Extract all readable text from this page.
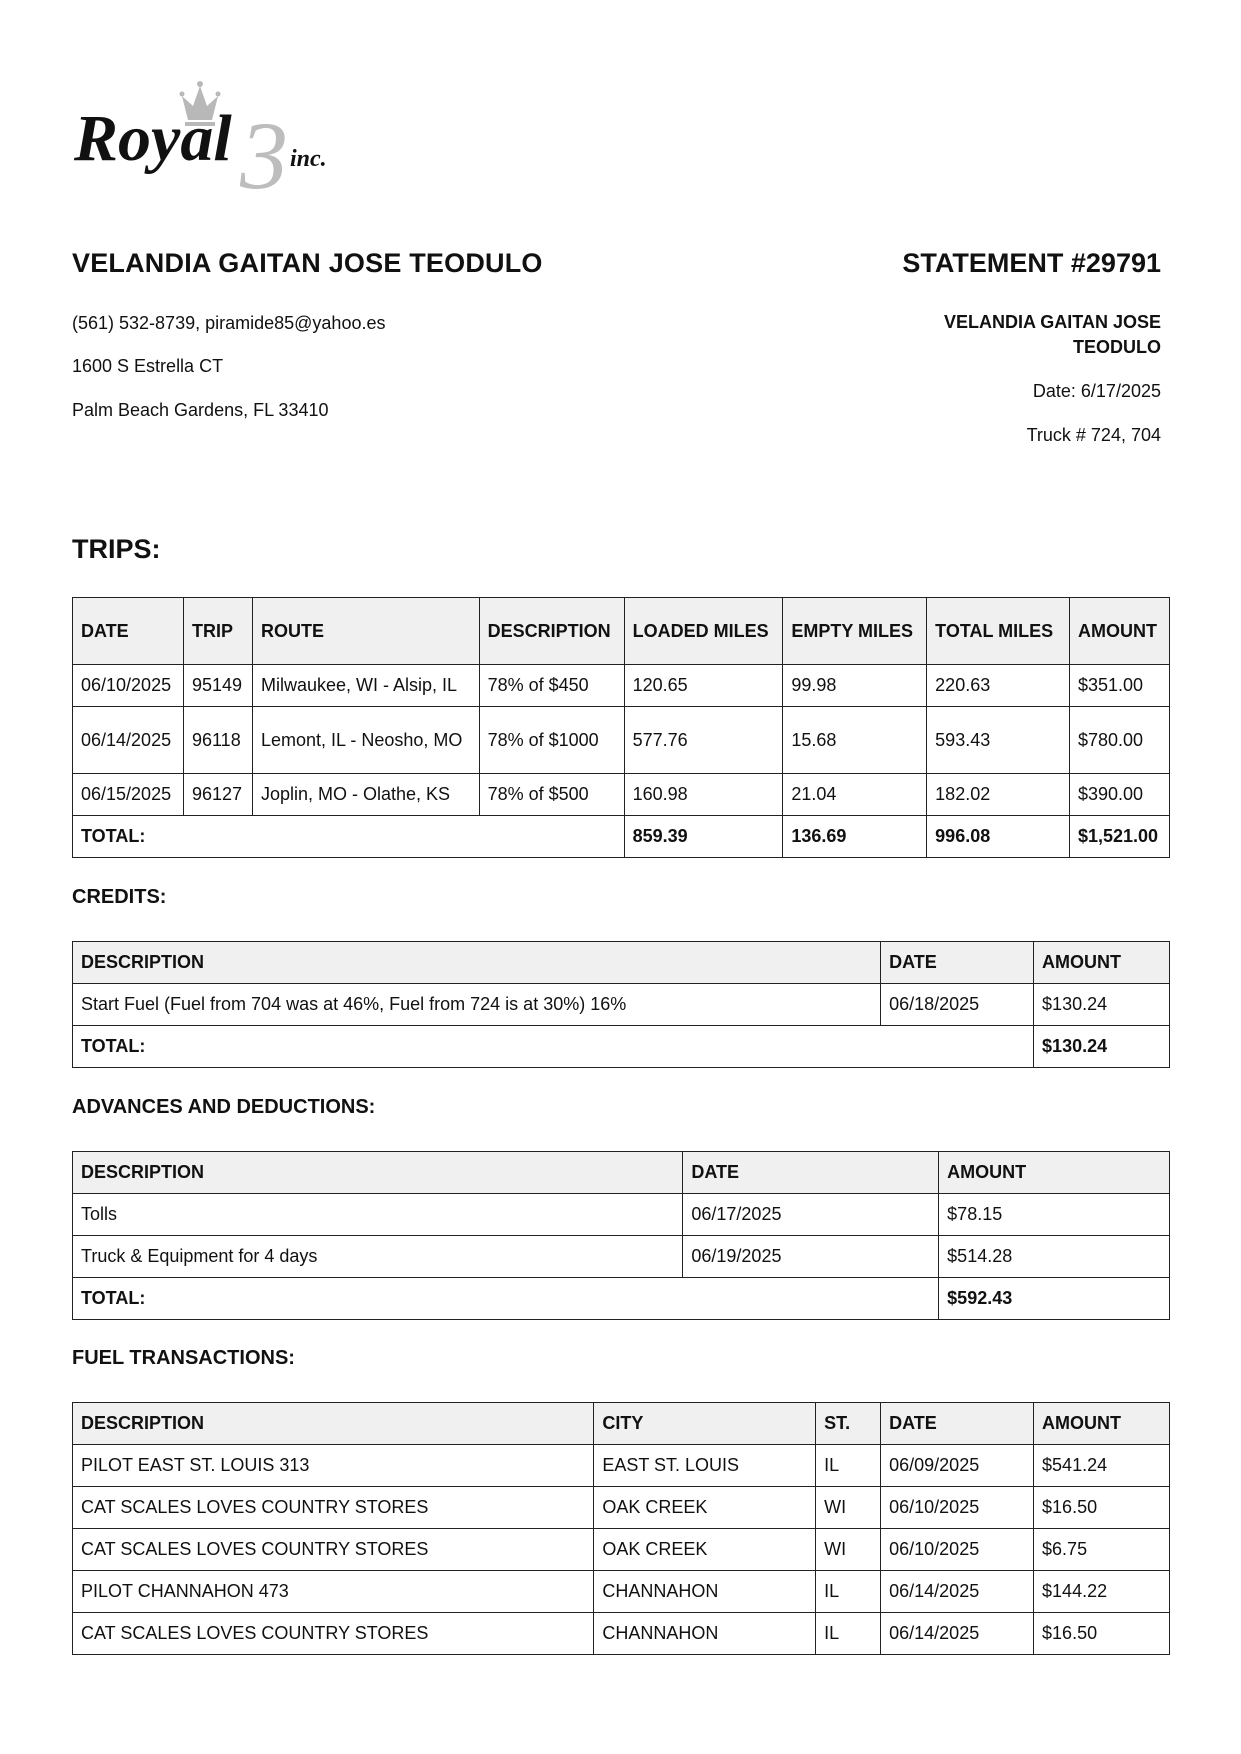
3
Royal inc.
VELANDIA GAITAN JOSE TEODULO	STATEMENT #29791
(561) 532-8739, piramide85@yahoo.es
1600 S Estrella CT
Palm Beach Gardens, FL 33410
VELANDIA GAITAN JOSE TEODULO
Date: 6/17/2025
Truck # 724, 704
TRIPS:
DATE	TRIP	ROUTE	DESCRIPTION	LOADED MILES	EMPTY MILES	TOTAL MILES	AMOUNT
06/10/2025	95149	Milwaukee, WI - Alsip, IL	78% of $450	120.65	99.98	220.63	$351.00
06/14/2025	96118	Lemont, IL - Neosho, MO	78% of $1000	577.76	15.68	593.43	$780.00
06/15/2025	96127	Joplin, MO - Olathe, KS	78% of $500	160.98	21.04	182.02	$390.00
TOTAL:				859.39	136.69	996.08	$1,521.00
CREDITS:
DESCRIPTION	DATE	AMOUNT
Start Fuel (Fuel from 704 was at 46%, Fuel from 724 is at 30%) 16%	06/18/2025	$130.24
TOTAL:		$130.24
ADVANCES AND DEDUCTIONS:
DESCRIPTION	DATE	AMOUNT
Tolls	06/17/2025	$78.15
Truck & Equipment for 4 days	06/19/2025	$514.28
TOTAL:		$592.43
FUEL TRANSACTIONS:
DESCRIPTION	CITY	ST.	DATE	AMOUNT
PILOT EAST ST. LOUIS 313	EAST ST. LOUIS	IL	06/09/2025	$541.24
CAT SCALES LOVES COUNTRY STORES	OAK CREEK	WI	06/10/2025	$16.50
CAT SCALES LOVES COUNTRY STORES	OAK CREEK	WI	06/10/2025	$6.75
PILOT CHANNAHON 473	CHANNAHON	IL	06/14/2025	$144.22
CAT SCALES LOVES COUNTRY STORES	CHANNAHON	IL	06/14/2025	$16.50
